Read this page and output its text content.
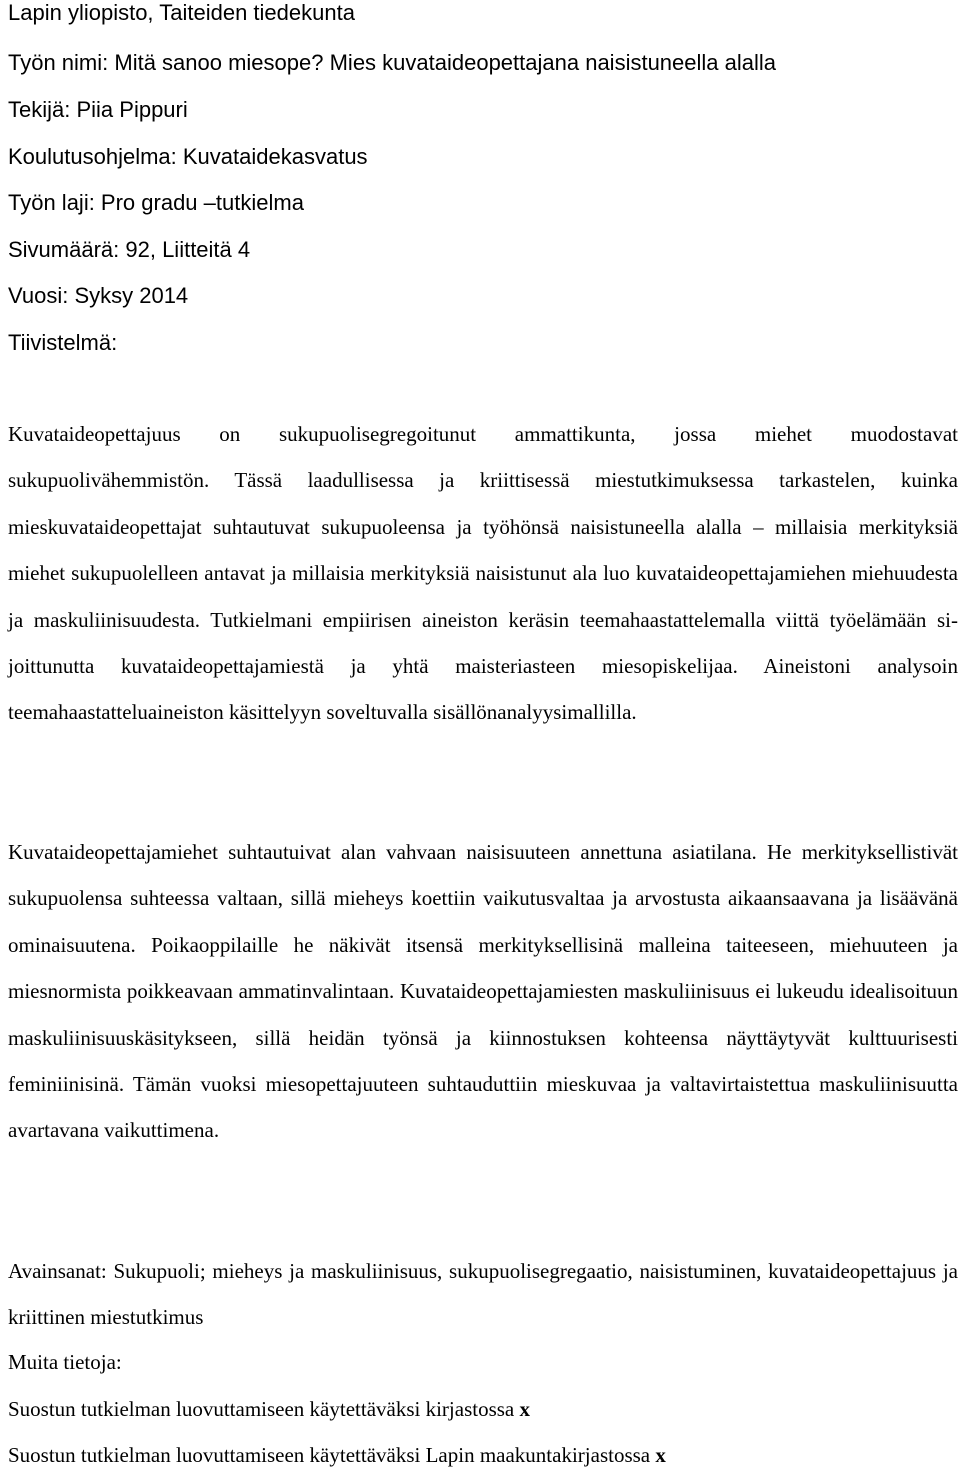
Lapin yliopisto, Taiteiden tiedekunta
Työn nimi: Mitä sanoo miesope? Mies kuvataideopettajana naisistuneella alalla
Tekijä: Piia Pippuri
Koulutusohjelma: Kuvataidekasvatus
Työn laji: Pro gradu –tutkielma
Sivumäärä: 92, Liitteitä 4
Vuosi: Syksy 2014
Tiivistelmä:

Kuvataideopettajuus on sukupuolisegregoitunut ammattikunta, jossa miehet muodostavat sukupuolivähemmistön. Tässä laadullisessa ja kriittisessä miestutkimuksessa tarkastelen, kuinka mieskuvataideopettajat suhtautuvat sukupuoleensa ja työhönsä naisistuneella alalla – millaisia merkityksiä miehet sukupuolelleen antavat ja millaisia merkityksiä naisistunut ala luo kuvataideopettajamiehen miehuudesta ja maskuliinisuudesta. Tutkielmani empiirisen aineiston keräsin teemahaastattelemalla viittä työelämään sijoittunutta kuvataideopettajamiestä ja yhtä maisteriasteen miesopiskelijaa. Aineistoni analysoin teemahaastatteluaineiston käsittelyyn soveltuvalla sisällönanalyysimallilla.

Kuvataideopettajamiehet suhtautuivat alan vahvaan naisisuuteen annettuna asiatilana. He merkityksellistivät sukupuolensa suhteessa valtaan, sillä mieheys koettiin vaikutusvaltaa ja arvostusta aikaansaavana ja lisäävänä ominaisuutena. Poikaoppilaille he näkivät itsensä merkityksellisinä malleina taiteeseen, miehuuteen ja miesnormista poikkeavaan ammatinvalintaan. Kuvataideopettajamiesten maskuliinisuus ei lukeudu idealisoituun maskuliinisuuskäsitykseen, sillä heidän työnsä ja kiinnostuksen kohteensa näyttäytyvät kulttuurisesti feminiinisinä. Tämän vuoksi miesopettajuuteen suhtauduttiin mieskuvaa ja valtavirtaistettua maskuliinisuutta avartavana vaikuttimena.

Avainsanat: Sukupuoli; mieheys ja maskuliinisuus, sukupuolisegregaatio, naisistuminen, kuvataideopettajuus ja kriittinen miestutkimus

Muita tietoja:
Suostun tutkielman luovuttamiseen käytettäväksi kirjastossa x
Suostun tutkielman luovuttamiseen käytettäväksi Lapin maakuntakirjastossa x
